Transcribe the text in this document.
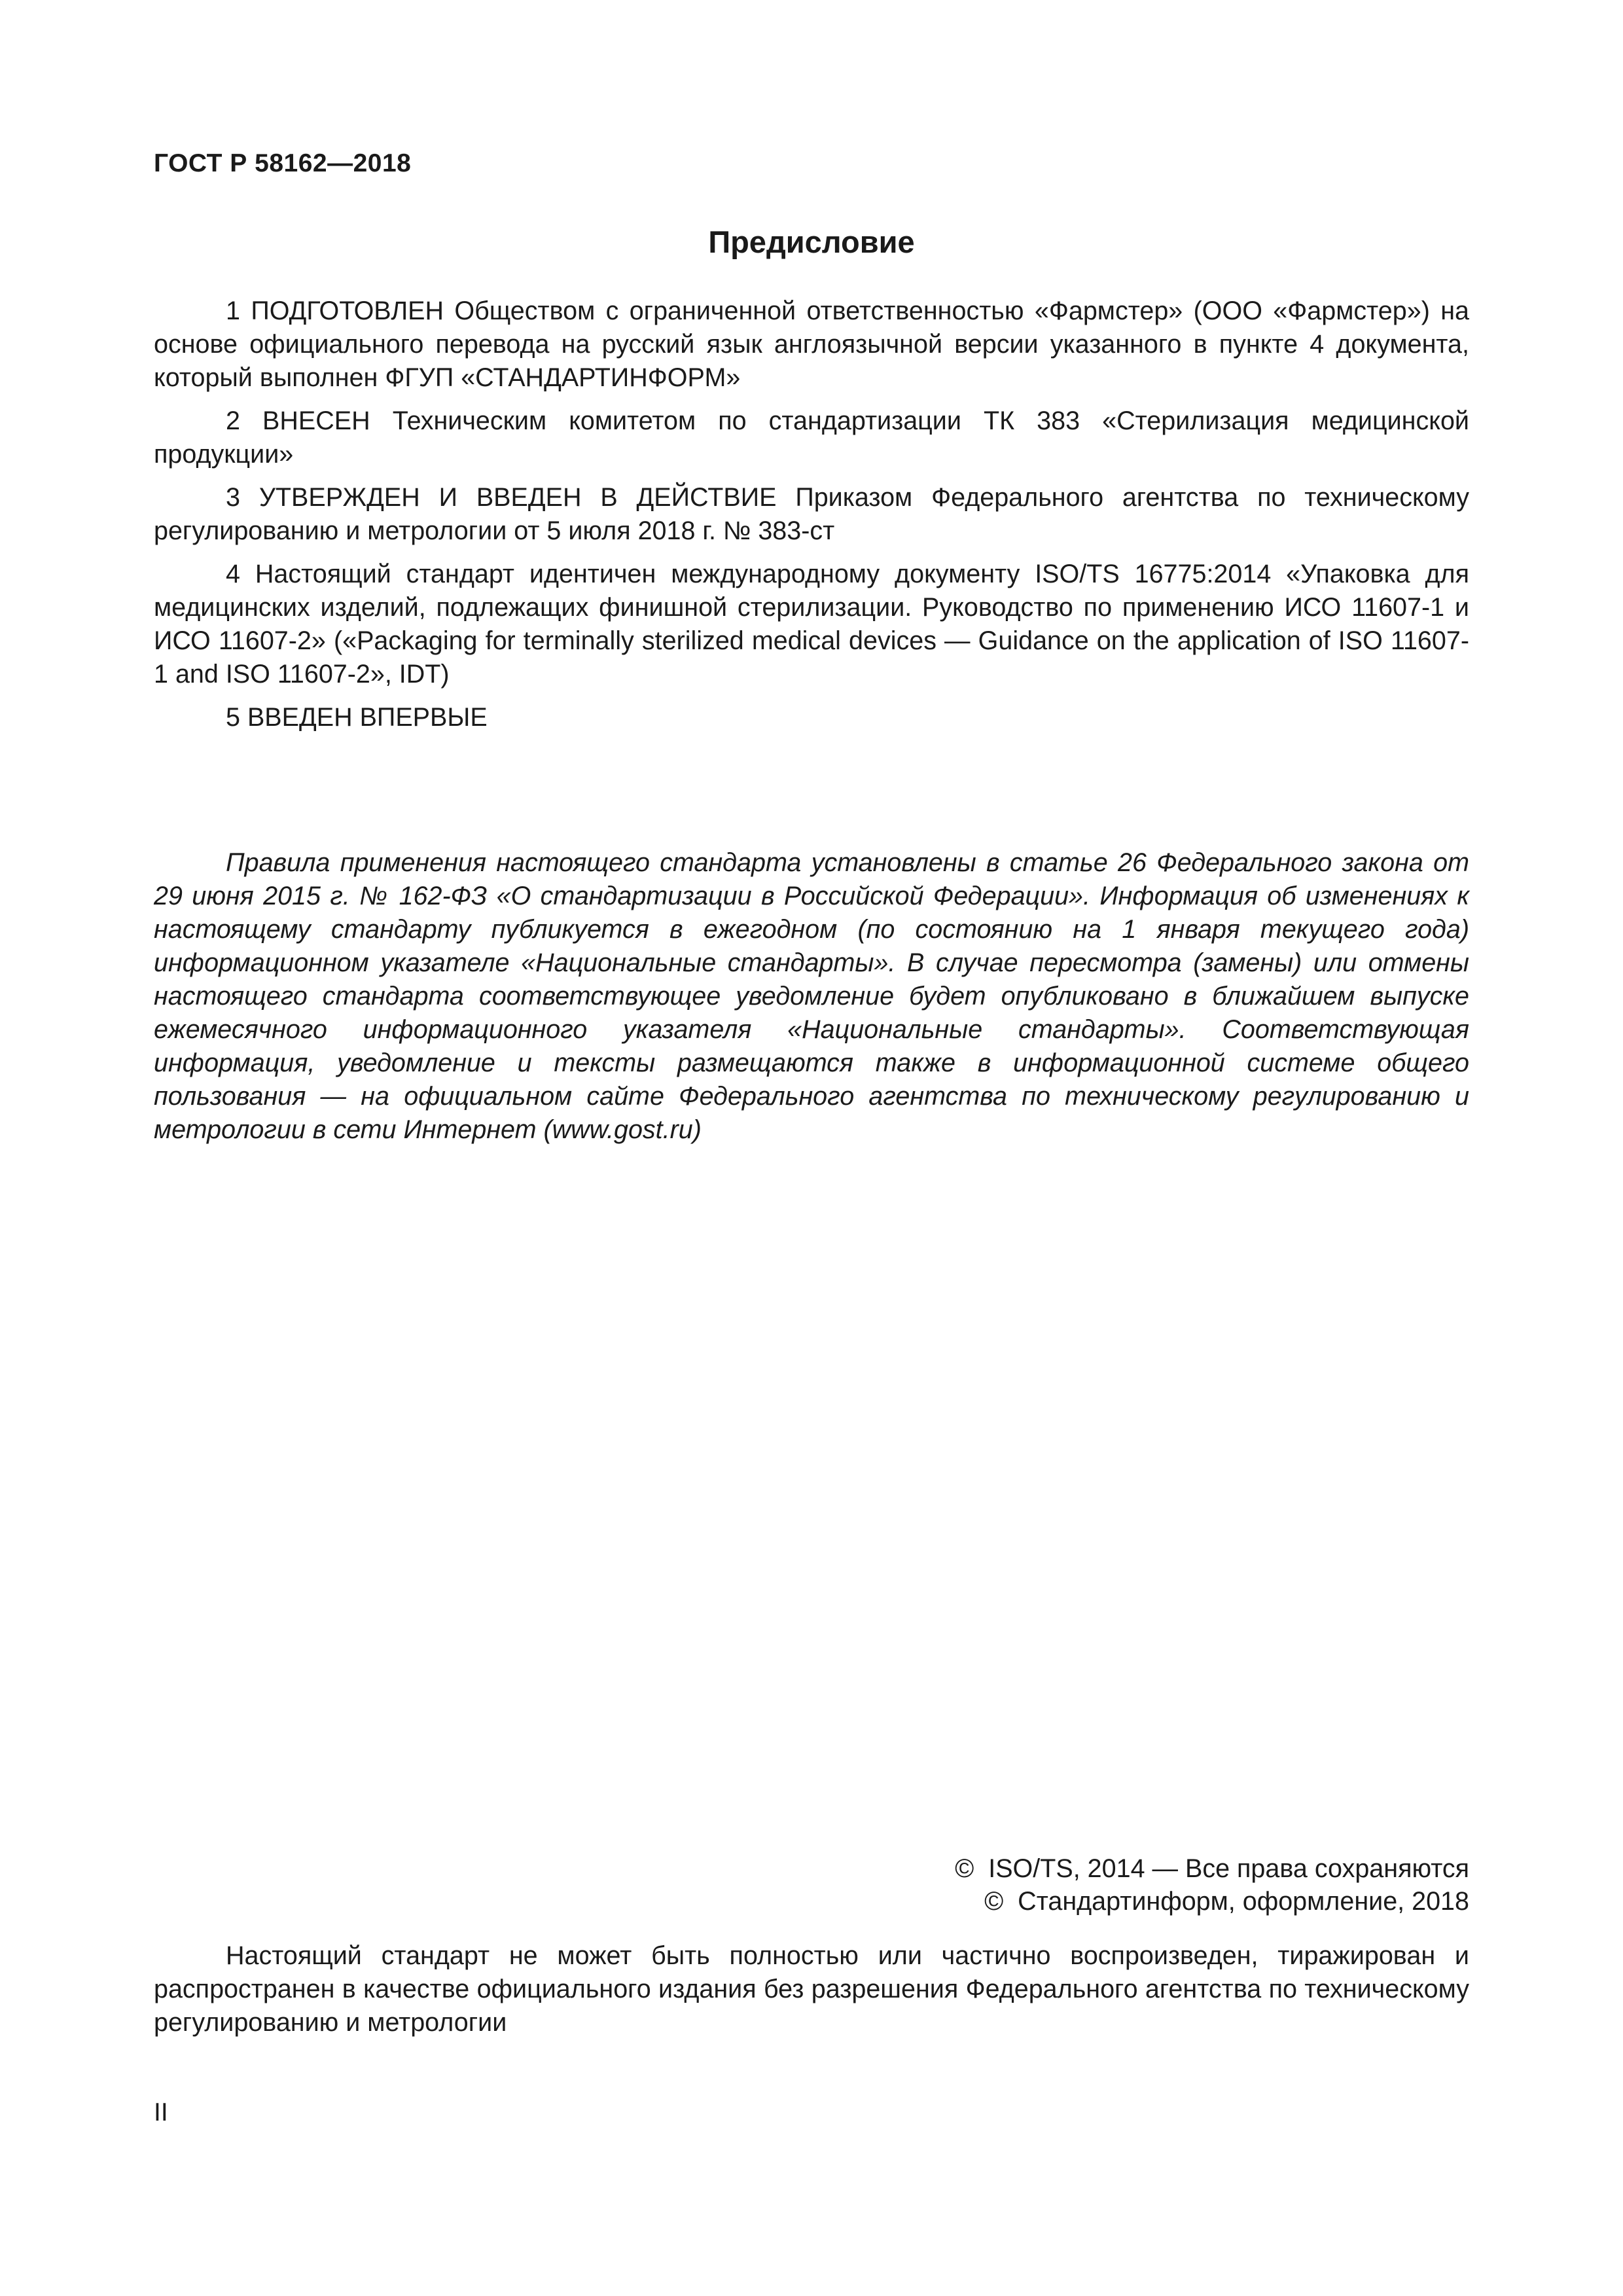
ГОСТ Р 58162—2018
Предисловие

1 ПОДГОТОВЛЕН Обществом с ограниченной ответственностью «Фармстер» (ООО «Фармстер») на основе официального перевода на русский язык англоязычной версии указанного в пункте 4 документа, который выполнен ФГУП «СТАНДАРТИНФОРМ»

2 ВНЕСЕН Техническим комитетом по стандартизации ТК 383 «Стерилизация медицинской продукции»

3 УТВЕРЖДЕН И ВВЕДЕН В ДЕЙСТВИЕ Приказом Федерального агентства по техническому регулированию и метрологии от 5 июля 2018 г. № 383-ст

4 Настоящий стандарт идентичен международному документу ISO/TS 16775:2014 «Упаковка для медицинских изделий, подлежащих финишной стерилизации. Руководство по применению ИСО 11607-1 и ИСО 11607-2» («Packaging for terminally sterilized medical devices — Guidance on the application of ISO 11607-1 and ISO 11607-2», IDT)

5 ВВЕДЕН ВПЕРВЫЕ

Правила применения настоящего стандарта установлены в статье 26 Федерального закона от 29 июня 2015 г. № 162-ФЗ «О стандартизации в Российской Федерации». Информация об изменениях к настоящему стандарту публикуется в ежегодном (по состоянию на 1 января текущего года) информационном указателе «Национальные стандарты». В случае пересмотра (замены) или отмены настоящего стандарта соответствующее уведомление будет опубликовано в ближайшем выпуске ежемесячного информационного указателя «Национальные стандарты». Соответствующая информация, уведомление и тексты размещаются также в информационной системе общего пользования — на официальном сайте Федерального агентства по техническому регулированию и метрологии в сети Интернет (www.gost.ru)

© ISO/TS, 2014 — Все права сохраняются
© Стандартинформ, оформление, 2018

Настоящий стандарт не может быть полностью или частично воспроизведен, тиражирован и распространен в качестве официального издания без разрешения Федерального агентства по техническому регулированию и метрологии

II
